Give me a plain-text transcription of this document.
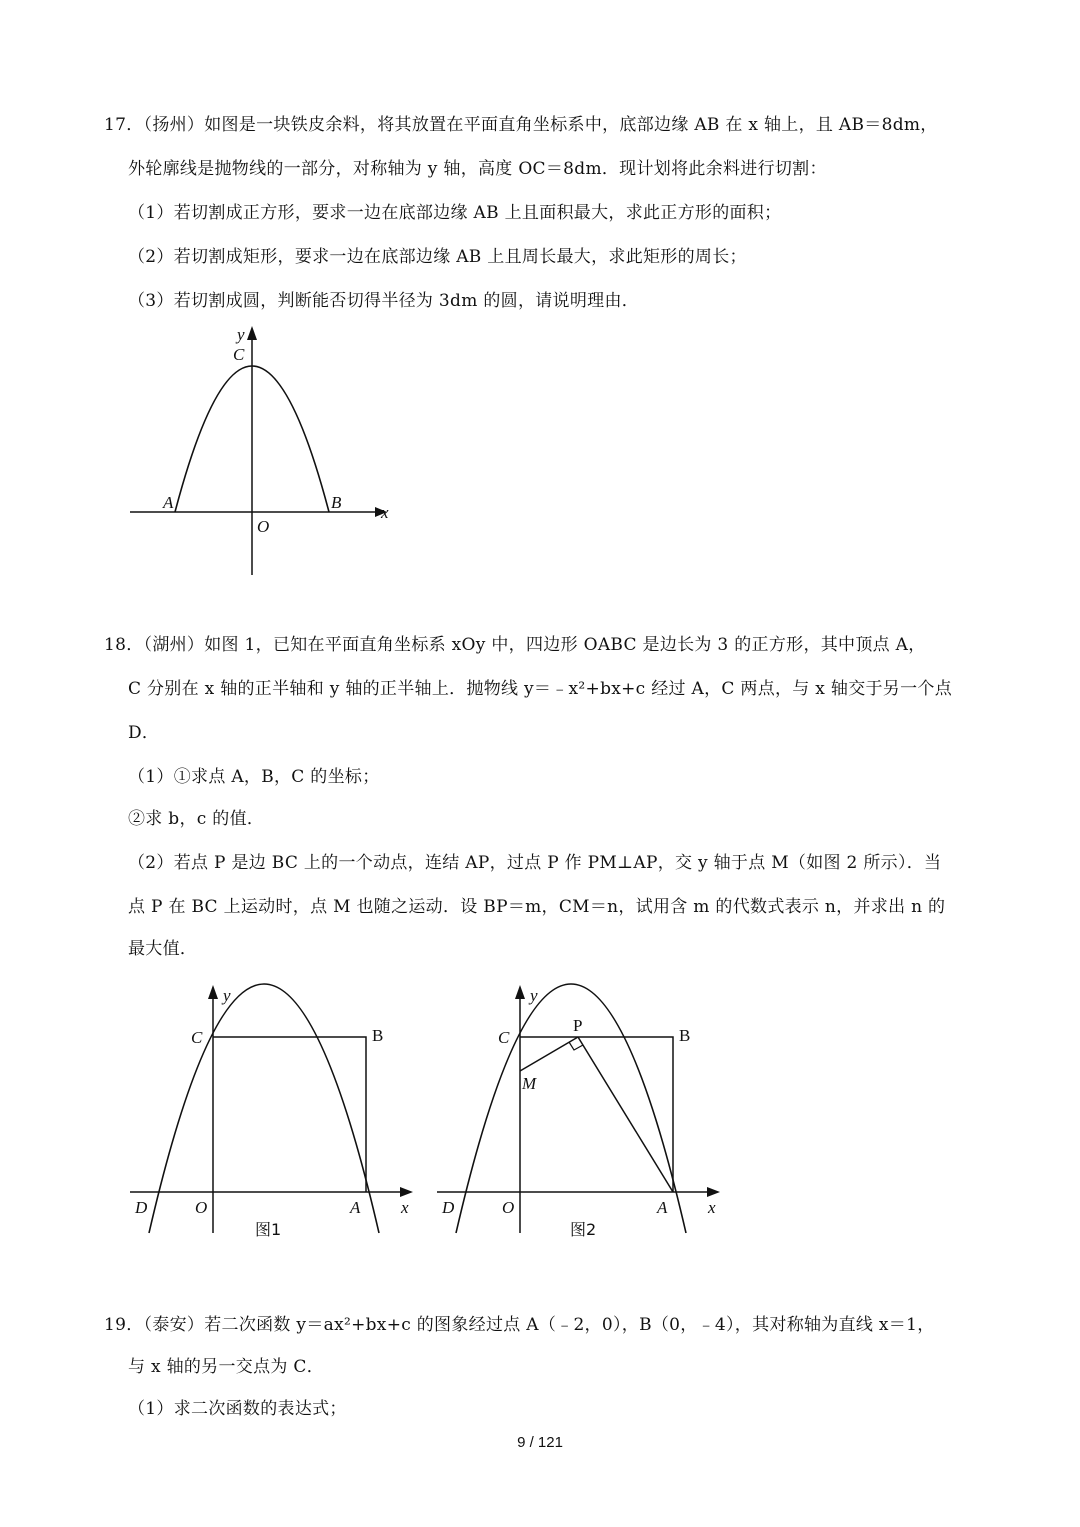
17．（扬州）如图是一块铁皮余料，将其放置在平面直角坐标系中，底部边缘 AB 在 x 轴上，且 AB＝8dm，
外轮廓线是抛物线的一部分，对称轴为 y 轴，高度 OC＝8dm．现计划将此余料进行切割：
（1）若切割成正方形，要求一边在底部边缘 AB 上且面积最大，求此正方形的面积；
（2）若切割成矩形，要求一边在底部边缘 AB 上且周长最大，求此矩形的周长；
（3）若切割成圆，判断能否切得半径为 3dm 的圆，请说明理由．
y
C
A	B
O
x
18．（湖州）如图 1，已知在平面直角坐标系 xOy 中，四边形 OABC 是边长为 3 的正方形，其中顶点 A，
C 分别在 x 轴的正半轴和 y 轴的正半轴上．抛物线 y＝﹣x²+bx+c 经过 A，C 两点，与 x 轴交于另一个点
D．
（1）①求点 A，B，C 的坐标；
②求 b，c 的值．
（2）若点 P 是边 BC 上的一个动点，连结 AP，过点 P 作 PM⊥AP，交 y 轴于点 M（如图 2 所示）．当
点 P 在 BC 上运动时，点 M 也随之运动．设 BP＝m，CM＝n，试用含 m 的代数式表示 n，并求出 n 的
最大值．
y
C	B
D	O	A x
图1
y
C
P
B
M
D	O	A x
图2
19．（泰安）若二次函数 y＝ax²+bx+c 的图象经过点 A（﹣2，0），B（0，﹣4），其对称轴为直线 x＝1，
与 x 轴的另一交点为 C．
（1）求二次函数的表达式；
9 / 121
